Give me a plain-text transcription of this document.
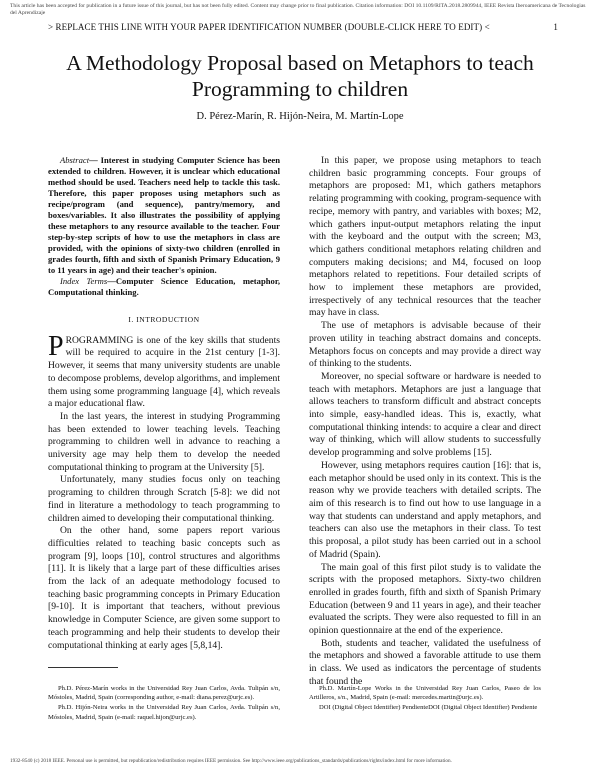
This article has been accepted for publication in a future issue of this journal, but has not been fully edited. Content may change prior to final publication. Citation information: DOI 10.1109/RITA.2018.2809944, IEEE Revista Iberoamericana de Tecnologias del Aprendizaje
> REPLACE THIS LINE WITH YOUR PAPER IDENTIFICATION NUMBER (DOUBLE-CLICK HERE TO EDIT) <	1
A Methodology Proposal based on Metaphors to teach Programming to children
D. Pérez-Marín, R. Hijón-Neira, M. Martín-Lope

Abstract— Interest in studying Computer Science has been extended to children. However, it is unclear which educational method should be used. Teachers need help to tackle this task. Therefore, this paper proposes using metaphors such as recipe/program (and sequence), pantry/memory, and boxes/variables. It also illustrates the possibility of applying these metaphors to any resource available to the teacher. Four step-by-step scripts of how to use the metaphors in class are provided, with the opinions of sixty-two children (enrolled in grades fourth, fifth and sixth of Spanish Primary Education, 9 to 11 years in age) and their teacher's opinion.

Index Terms—Computer Science Education, metaphor, Computational thinking.

I. INTRODUCTION

PROGRAMMING is one of the key skills that students will be required to acquire in the 21st century [1-3]. However, it seems that many university students are unable to decompose problems, develop algorithms, and implement them using some programming language [4], which reveals a major educational flaw.

In the last years, the interest in studying Programming has been extended to lower teaching levels. Teaching programming to children well in advance to reaching a university age may help them to develop the needed computational thinking to program at the University [5].

Unfortunately, many studies focus only on teaching programing to children through Scratch [5-8]: we did not find in literature a methodology to teach programming to children aimed to developing their computational thinking.

On the other hand, some papers report various difficulties related to teaching basic concepts such as program [9], loops [10], control structures and algorithms [11]. It is likely that a large part of these difficulties arises from the lack of an adequate methodology focused to teaching basic programming concepts in Primary Education [9-10]. It is important that teachers, without previous knowledge in Computer Science, are given some support to teach programming and help their students to develop their computational thinking at early ages [5,8,14].

In this paper, we propose using metaphors to teach children basic programming concepts. Four groups of metaphors are proposed: M1, which gathers metaphors relating programming with cooking, program-sequence with recipe, memory with pantry, and variables with boxes; M2, which gathers input-output metaphors relating the input with the keyboard and the output with the screen; M3, which gathers conditional metaphors relating children and computers making decisions; and M4, focused on loop metaphors related to repetitions. Four detailed scripts of how to implement these metaphors are provided, irrespectively of any technical resources that the teacher may have in class.

The use of metaphors is advisable because of their proven utility in teaching abstract domains and concepts. Metaphors focus on concepts and may provide a direct way of thinking to the students.

Moreover, no special software or hardware is needed to teach with metaphors. Metaphors are just a language that allows teachers to transform difficult and abstract concepts into simple, easy-handled ideas. This is, exactly, what computational thinking intends: to acquire a clear and direct way of thinking, which will allow students to successfully develop programming and solve problems [15].

However, using metaphors requires caution [16]: that is, each metaphor should be used only in its context. This is the reason why we provide teachers with detailed scripts. The aim of this research is to find out how to use language in a way that students can understand and apply metaphors, and teachers can also use the metaphors in their class. To test this proposal, a pilot study has been carried out in a school of Madrid (Spain).

The main goal of this first pilot study is to validate the scripts with the proposed metaphors. Sixty-two children enrolled in grades fourth, fifth and sixth of Spanish Primary Education (between 9 and 11 years in age), and their teacher evaluated the scripts. They were also requested to fill in an opinion questionnaire at the end of the experience.

Both, students and teacher, validated the usefulness of the metaphors and showed a favorable attitude to use them in class. We used as indicators the percentage of students that found the

Ph.D. Pérez-Marín works in the Universidad Rey Juan Carlos, Avda. Tulipán s/n, Móstoles, Madrid, Spain (corresponding author, e-mail: diana.perez@urjc.es).

Ph.D. Hijón-Neira works in the Universidad Rey Juan Carlos, Avda. Tulipán s/n, Móstoles, Madrid, Spain (e-mail: raquel.hijon@urjc.es).

Ph.D. Martín-Lope Works in the Universidad Rey Juan Carlos, Paseo de los Artilleros, s/n., Madrid, Spain (e-mail: mercedes.martin@urjc.es).

DOI (Digital Object Identifier) PendienteDOI (Digital Object Identifier) Pendiente

1932-8540 (c) 2018 IEEE. Personal use is permitted, but republication/redistribution requires IEEE permission. See http://www.ieee.org/publications_standards/publications/rights/index.html for more information.
